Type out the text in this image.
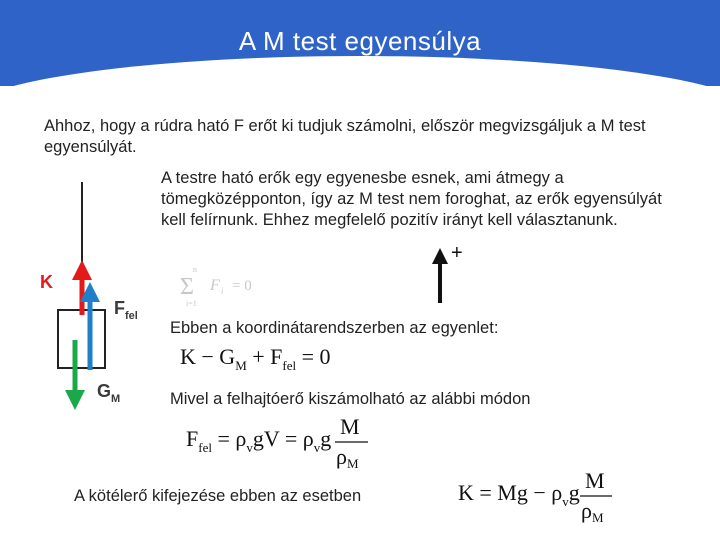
A M test egyensúlya
Ahhoz, hogy a rúdra ható F erőt ki tudjuk számolni, először megvizsgáljuk a M test egyensúlyát.
A testre ható erők egy egyenesbe esnek, ami átmegy a tömegközépponton, így az M test nem foroghat, az erők egyensúlyát kell felírnunk. Ehhez megfelelő pozitív irányt kell választanunk.
+
Ebben a koordinátarendszerben az egyenlet:
Mivel a felhajtóerő kiszámolható az alábbi módon
A kötélerő kifejezése ebben az esetben
K
$F_{fel}$
$G_M$
n
Σ
i=1
F i = 0
$K - G_M + F_{fel} = 0$
$F_{fel} = \rho_vgV = \rho_vg$ M
ρM
$K = Mg - \rho_vg$ M
ρM
